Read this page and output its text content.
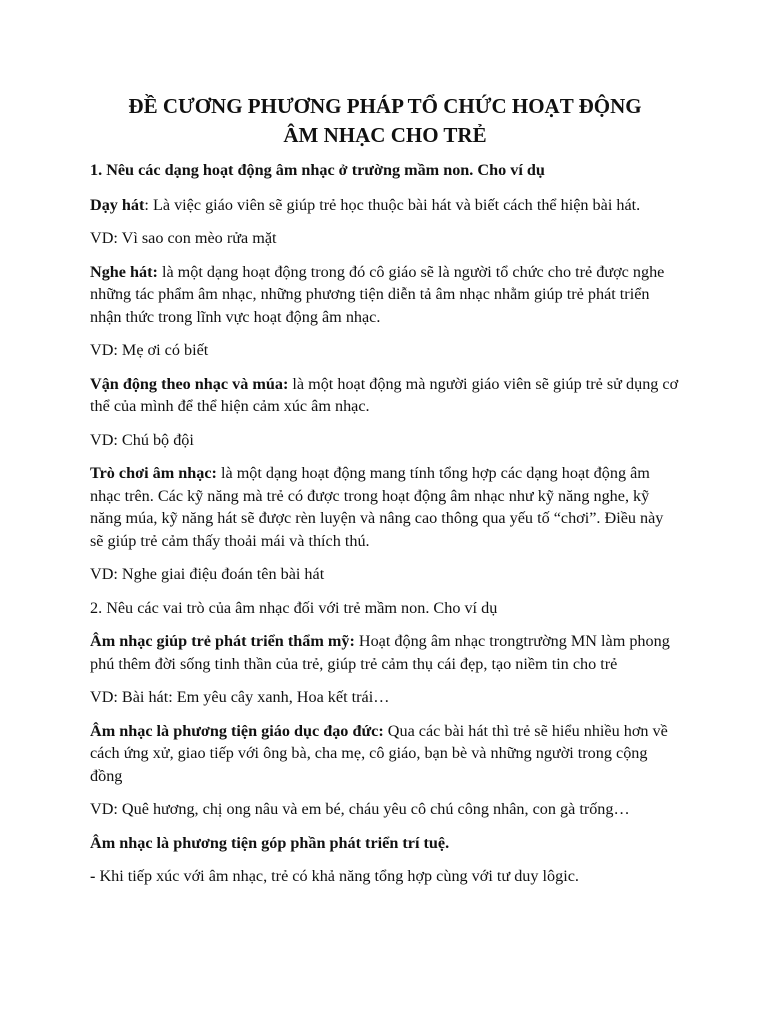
ĐỀ CƯƠNG PHƯƠNG PHÁP TỔ CHỨC HOẠT ĐỘNG
ÂM NHẠC CHO TRẺ

1. Nêu các dạng hoạt động âm nhạc ở trường mầm non. Cho ví dụ

Dạy hát: Là việc giáo viên sẽ giúp trẻ học thuộc bài hát và biết cách thể hiện bài hát.

VD: Vì sao con mèo rửa mặt

Nghe hát: là một dạng hoạt động trong đó cô giáo sẽ là người tổ chức cho trẻ được nghe những tác phẩm âm nhạc, những phương tiện diễn tả âm nhạc nhằm giúp trẻ phát triển nhận thức trong lĩnh vực hoạt động âm nhạc.

VD: Mẹ ơi có biết

Vận động theo nhạc và múa: là một hoạt động mà người giáo viên sẽ giúp trẻ sử dụng cơ thể của mình để thể hiện cảm xúc âm nhạc.

VD: Chú bộ đội

Trò chơi âm nhạc: là một dạng hoạt động mang tính tổng hợp các dạng hoạt động âm nhạc trên. Các kỹ năng mà trẻ có được trong hoạt động âm nhạc như kỹ năng nghe, kỹ năng múa, kỹ năng hát sẽ được rèn luyện và nâng cao thông qua yếu tố “chơi”. Điều này sẽ giúp trẻ cảm thấy thoải mái và thích thú.

VD: Nghe giai điệu đoán tên bài hát

2. Nêu các vai trò của âm nhạc đối với trẻ mầm non. Cho ví dụ

Âm nhạc giúp trẻ phát triển thẩm mỹ: Hoạt động âm nhạc trongtrường MN làm phong phú thêm đời sống tinh thần của trẻ, giúp trẻ cảm thụ cái đẹp, tạo niềm tin cho trẻ

VD: Bài hát: Em yêu cây xanh, Hoa kết trái…

Âm nhạc là phương tiện giáo dục đạo đức: Qua các bài hát thì trẻ sẽ hiểu nhiều hơn về cách ứng xử, giao tiếp với ông bà, cha mẹ, cô giáo, bạn bè và những người trong cộng đồng

VD: Quê hương, chị ong nâu và em bé, cháu yêu cô chú công nhân, con gà trống…

Âm nhạc là phương tiện góp phần phát triển trí tuệ.

- Khi tiếp xúc với âm nhạc, trẻ có khả năng tổng hợp cùng với tư duy lôgic.
